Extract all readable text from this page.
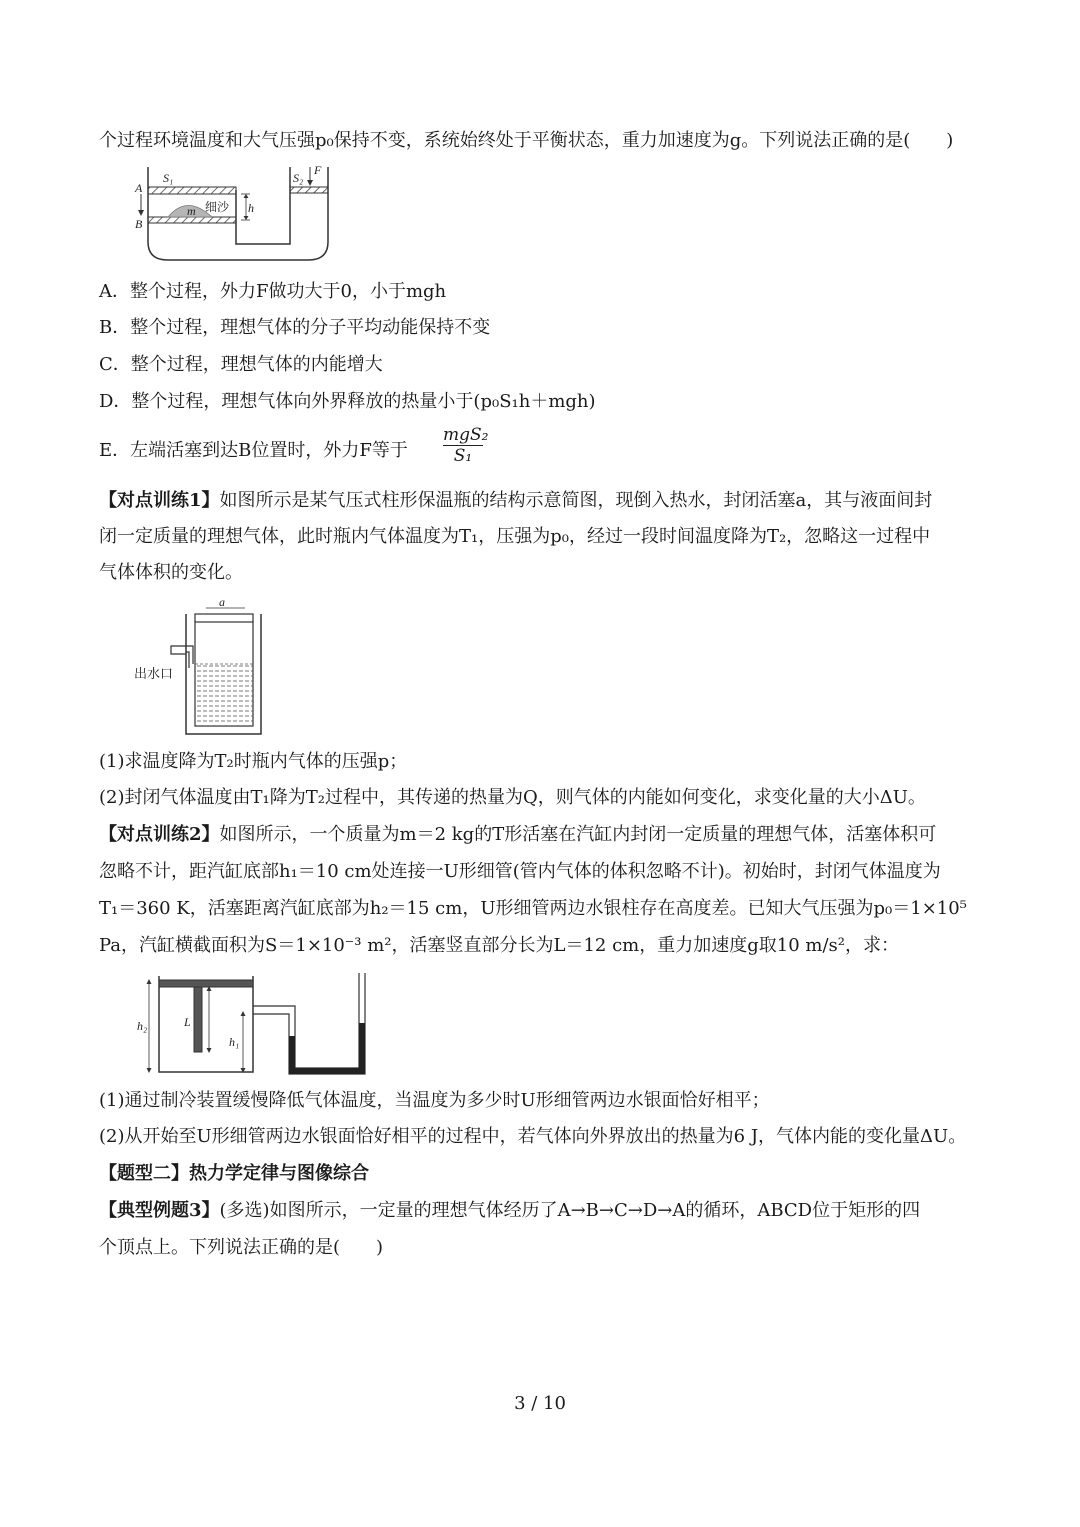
个过程环境温度和大气压强p₀保持不变，系统始终处于平衡状态，重力加速度为g。下列说法正确的是(　　)
A
B
S₁	S₂
F
h
m 细沙
A．整个过程，外力F做功大于0，小于mgh
B．整个过程，理想气体的分子平均动能保持不变
C．整个过程，理想气体的内能增大
D．整个过程，理想气体向外界释放的热量小于(p₀S₁h＋mgh)
E．左端活塞到达B位置时，外力F等于
mgS₂
S₁
【对点训练1】如图所示是某气压式柱形保温瓶的结构示意简图，现倒入热水，封闭活塞a，其与液面间封
闭一定质量的理想气体，此时瓶内气体温度为T₁，压强为p₀，经过一段时间温度降为T₂，忽略这一过程中
气体体积的变化。
a
出水口
(1)求温度降为T₂时瓶内气体的压强p；
(2)封闭气体温度由T₁降为T₂过程中，其传递的热量为Q，则气体的内能如何变化，求变化量的大小ΔU。
【对点训练2】如图所示，一个质量为m＝2 kg的T形活塞在汽缸内封闭一定质量的理想气体，活塞体积可
忽略不计，距汽缸底部h₁＝10 cm处连接一U形细管(管内气体的体积忽略不计)。初始时，封闭气体温度为
T₁＝360 K，活塞距离汽缸底部为h₂＝15 cm，U形细管两边水银柱存在高度差。已知大气压强为p₀＝1×10⁵
Pa，汽缸横截面积为S＝1×10⁻³ m²，活塞竖直部分长为L＝12 cm，重力加速度g取10 m/s²，求：
h₂	L
h₁
(1)通过制冷装置缓慢降低气体温度，当温度为多少时U形细管两边水银面恰好相平；
(2)从开始至U形细管两边水银面恰好相平的过程中，若气体向外界放出的热量为6 J，气体内能的变化量ΔU。
【题型二】热力学定律与图像综合
【典型例题3】(多选)如图所示，一定量的理想气体经历了A→B→C→D→A的循环，ABCD位于矩形的四
个顶点上。下列说法正确的是(　　)
3 / 10
